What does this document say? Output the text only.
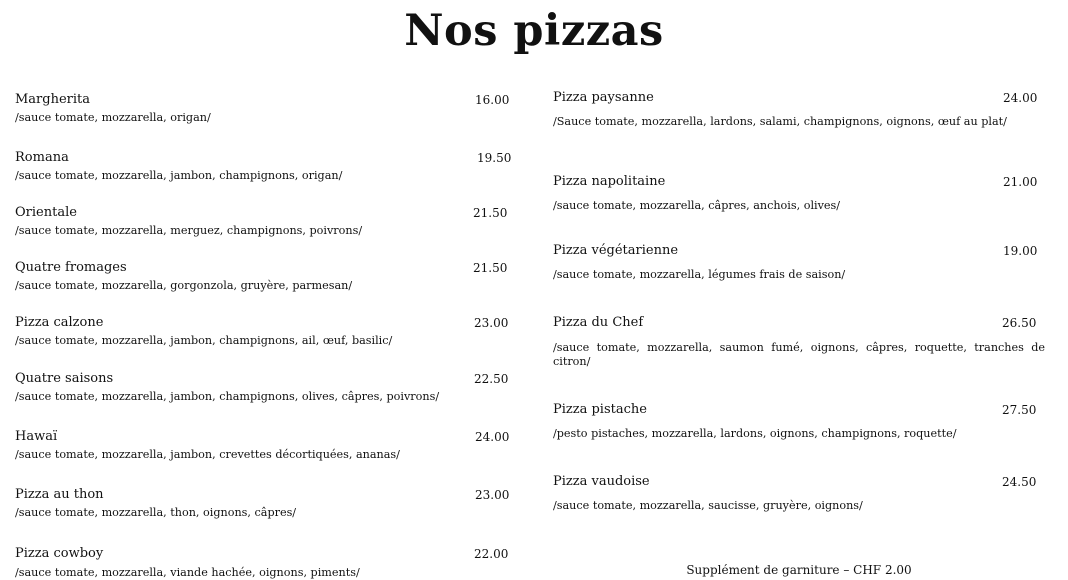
Nos pizzas
Margherita	16.00
/sauce tomate, mozzarella, origan/
Romana	19.50
/sauce tomate, mozzarella, jambon, champignons, origan/
Orientale	21.50
/sauce tomate, mozzarella, merguez, champignons, poivrons/
Quatre fromages	21.50
/sauce tomate, mozzarella, gorgonzola, gruyère, parmesan/
Pizza calzone	23.00
/sauce tomate, mozzarella, jambon, champignons, ail, œuf, basilic/
Quatre saisons	22.50
/sauce tomate, mozzarella, jambon, champignons, olives, câpres, poivrons/
Hawaï	24.00
/sauce tomate, mozzarella, jambon, crevettes décortiquées, ananas/
Pizza au thon	23.00
/sauce tomate, mozzarella, thon, oignons, câpres/
Pizza cowboy	22.00
/sauce tomate, mozzarella, viande hachée, oignons, piments/
Pizza paysanne	24.00
/Sauce tomate, mozzarella, lardons, salami, champignons, oignons, œuf au plat/
Pizza napolitaine	21.00
/sauce tomate, mozzarella, câpres, anchois, olives/
Pizza végétarienne	19.00
/sauce tomate, mozzarella, légumes frais de saison/
Pizza du Chef	26.50
/sauce tomate, mozzarella, saumon fumé, oignons, câpres, roquette, tranches de citron/
Pizza pistache	27.50
/pesto pistaches, mozzarella, lardons, oignons, champignons, roquette/
Pizza vaudoise	24.50
/sauce tomate, mozzarella, saucisse, gruyère, oignons/
Supplément de garniture – CHF 2.00
